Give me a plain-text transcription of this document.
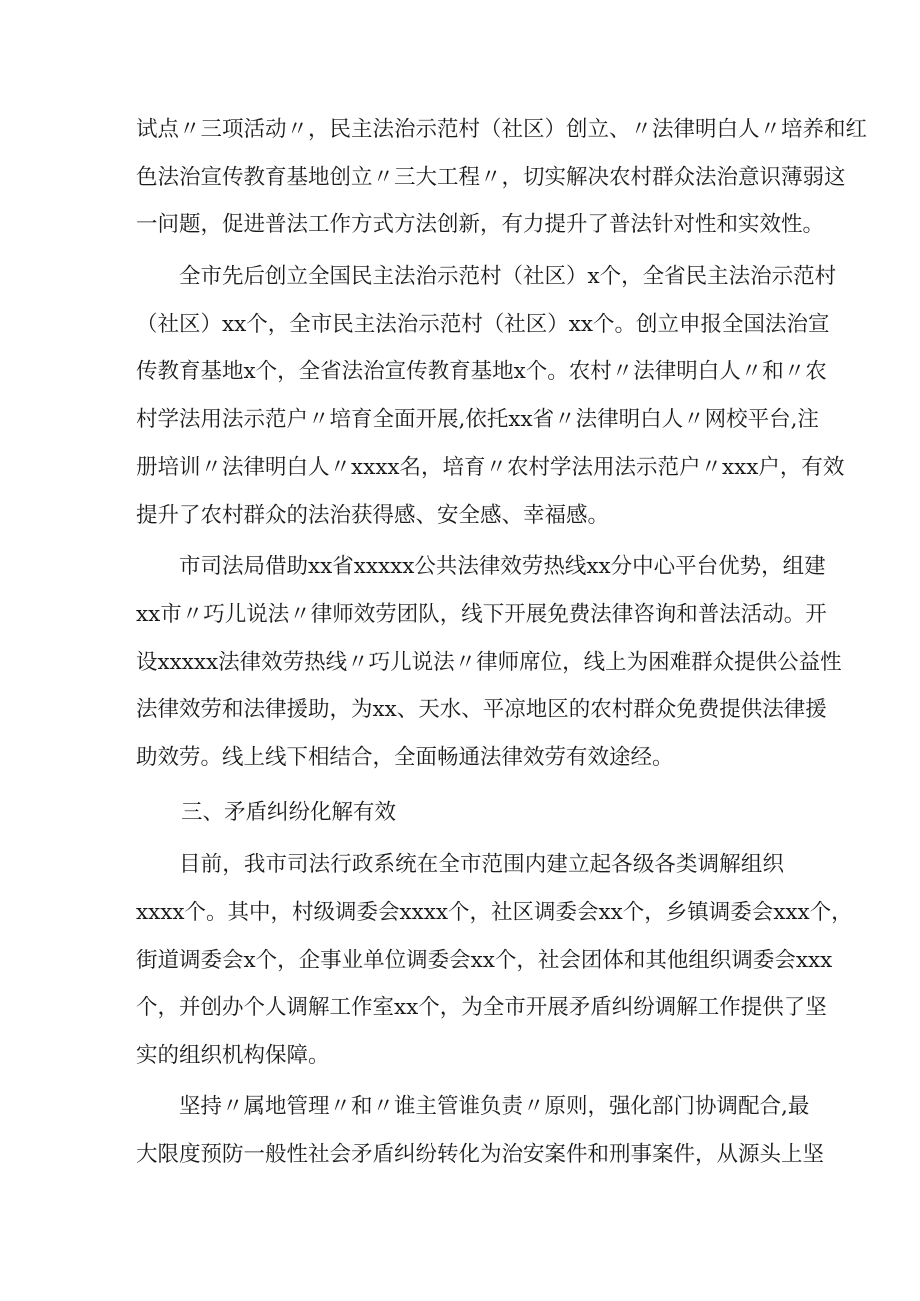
试点〃三项活动〃，民主法治示范村（社区）创立、〃法律明白人〃培养和红
色法治宣传教育基地创立〃三大工程〃，切实解决农村群众法治意识薄弱这
一问题，促进普法工作方式方法创新，有力提升了普法针对性和实效性。
全市先后创立全国民主法治示范村（社区）x个，全省民主法治示范村
（社区）xx个，全市民主法治示范村（社区）xx个。创立申报全国法治宣
传教育基地x个，全省法治宣传教育基地x个。农村〃法律明白人〃和〃农
村学法用法示范户〃培育全面开展,依托xx省〃法律明白人〃网校平台,注
册培训〃法律明白人〃xxxx名，培育〃农村学法用法示范户〃xxx户，有效
提升了农村群众的法治获得感、安全感、幸福感。
市司法局借助xx省xxxxx公共法律效劳热线xx分中心平台优势，组建
xx市〃巧儿说法〃律师效劳团队，线下开展免费法律咨询和普法活动。开
设xxxxx法律效劳热线〃巧儿说法〃律师席位，线上为困难群众提供公益性
法律效劳和法律援助，为xx、天水、平凉地区的农村群众免费提供法律援
助效劳。线上线下相结合，全面畅通法律效劳有效途经。
三、矛盾纠纷化解有效
目前，我市司法行政系统在全市范围内建立起各级各类调解组织
xxxx个。其中，村级调委会xxxx个，社区调委会xx个，乡镇调委会xxx个，
街道调委会x个，企事业单位调委会xx个，社会团体和其他组织调委会xxx
个，并创办个人调解工作室xx个，为全市开展矛盾纠纷调解工作提供了坚
实的组织机构保障。
坚持〃属地管理〃和〃谁主管谁负责〃原则，强化部门协调配合,最
大限度预防一般性社会矛盾纠纷转化为治安案件和刑事案件，从源头上坚
